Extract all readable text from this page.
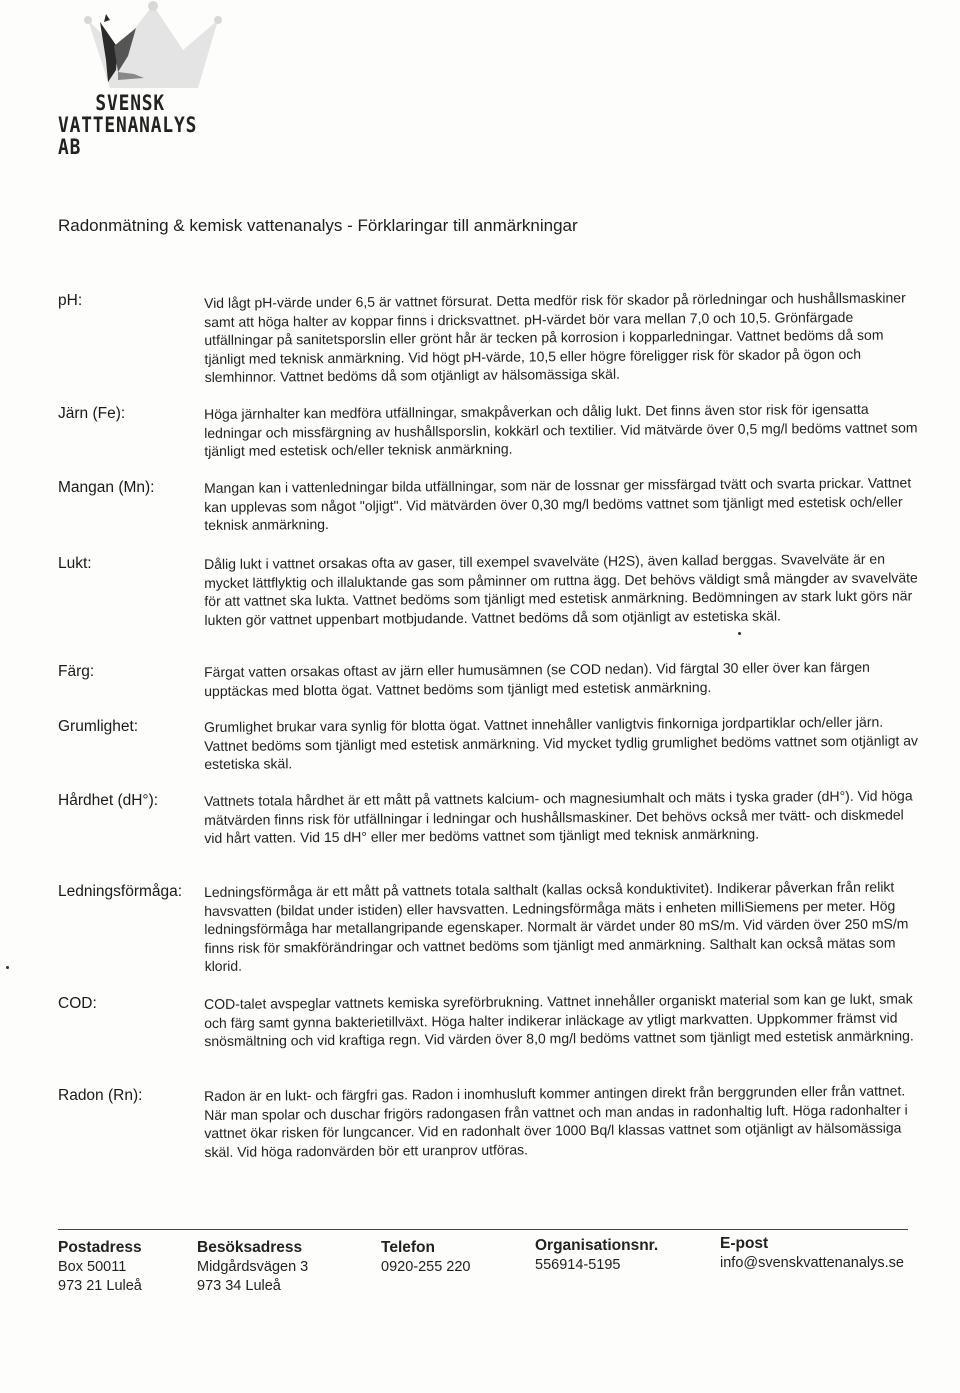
SVENSK
VATTENANALYS AB
Radonmätning & kemisk vattenanalys - Förklaringar till anmärkningar
pH:	Vid lågt pH-värde under 6,5 är vattnet försurat. Detta medför risk för skador på rörledningar och hushållsmaskiner samt att höga halter av koppar finns i dricksvattnet. pH-värdet bör vara mellan 7,0 och 10,5. Grönfärgade utfällningar på sanitetsporslin eller grönt hår är tecken på korrosion i kopparledningar. Vattnet bedöms då som tjänligt med teknisk anmärkning. Vid högt pH-värde, 10,5 eller högre föreligger risk för skador på ögon och slemhinnor. Vattnet bedöms då som otjänligt av hälsomässiga skäl.
Järn (Fe):	Höga järnhalter kan medföra utfällningar, smakpåverkan och dålig lukt. Det finns även stor risk för igensatta ledningar och missfärgning av hushållsporslin, kokkärl och textilier. Vid mätvärde över 0,5 mg/l bedöms vattnet som tjänligt med estetisk och/eller teknisk anmärkning.
Mangan (Mn):	Mangan kan i vattenledningar bilda utfällningar, som när de lossnar ger missfärgad tvätt och svarta prickar. Vattnet kan upplevas som något "oljigt". Vid mätvärden över 0,30 mg/l bedöms vattnet som tjänligt med estetisk och/eller teknisk anmärkning.
Lukt:	Dålig lukt i vattnet orsakas ofta av gaser, till exempel svavelväte (H2S), även kallad berggas. Svavelväte är en mycket lättflyktig och illaluktande gas som påminner om ruttna ägg. Det behövs väldigt små mängder av svavelväte för att vattnet ska lukta. Vattnet bedöms som tjänligt med estetisk anmärkning. Bedömningen av stark lukt görs när lukten gör vattnet uppenbart motbjudande. Vattnet bedöms då som otjänligt av estetiska skäl.
Färg:	Färgat vatten orsakas oftast av järn eller humusämnen (se COD nedan). Vid färgtal 30 eller över kan färgen upptäckas med blotta ögat. Vattnet bedöms som tjänligt med estetisk anmärkning.
Grumlighet:	Grumlighet brukar vara synlig för blotta ögat. Vattnet innehåller vanligtvis finkorniga jordpartiklar och/eller järn. Vattnet bedöms som tjänligt med estetisk anmärkning. Vid mycket tydlig grumlighet bedöms vattnet som otjänligt av estetiska skäl.
Hårdhet (dH°):	Vattnets totala hårdhet är ett mått på vattnets kalcium- och magnesiumhalt och mäts i tyska grader (dH°). Vid höga mätvärden finns risk för utfällningar i ledningar och hushållsmaskiner. Det behövs också mer tvätt- och diskmedel vid hårt vatten. Vid 15 dH° eller mer bedöms vattnet som tjänligt med teknisk anmärkning.
Ledningsförmåga: Ledningsförmåga är ett mått på vattnets totala salthalt (kallas också konduktivitet). Indikerar påverkan från relikt havsvatten (bildat under istiden) eller havsvatten. Ledningsförmåga mäts i enheten milliSiemens per meter. Hög ledningsförmåga har metallangripande egenskaper. Normalt är värdet under 80 mS/m. Vid värden över 250 mS/m finns risk för smakförändringar och vattnet bedöms som tjänligt med anmärkning. Salthalt kan också mätas som klorid.
COD:	COD-talet avspeglar vattnets kemiska syreförbrukning. Vattnet innehåller organiskt material som kan ge lukt, smak och färg samt gynna bakterietillväxt. Höga halter indikerar inläckage av ytligt markvatten. Uppkommer främst vid snösmältning och vid kraftiga regn. Vid värden över 8,0 mg/l bedöms vattnet som tjänligt med estetisk anmärkning.
Radon (Rn):	Radon är en lukt- och färgfri gas. Radon i inomhusluft kommer antingen direkt från berggrunden eller från vattnet. När man spolar och duschar frigörs radongasen från vattnet och man andas in radonhaltig luft. Höga radonhalter i vattnet ökar risken för lungcancer. Vid en radonhalt över 1000 Bq/l klassas vattnet som otjänligt av hälsomässiga skäl. Vid höga radonvärden bör ett uranprov utföras.
Postadress
Box 50011
973 21 Luleå
Besöksadress
Midgårdsvägen 3
973 34 Luleå
Telefon
0920-255 220
Organisationsnr.
556914-5195
E-post
info@svenskvattenanalys.se
